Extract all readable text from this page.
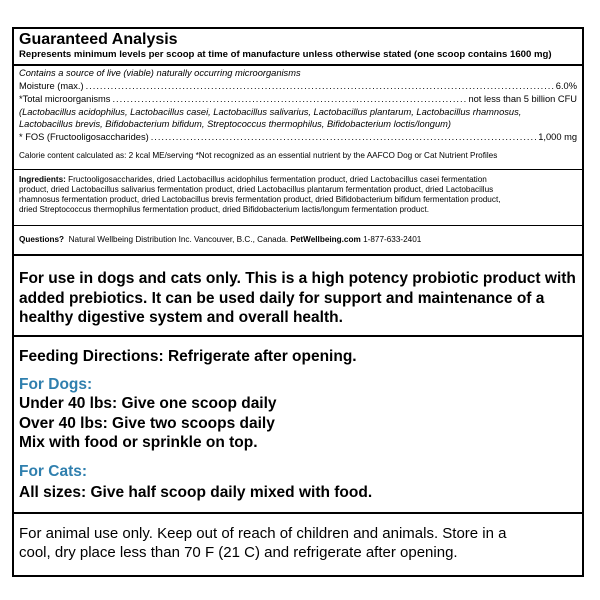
Guaranteed Analysis
Represents minimum levels per scoop at time of manufacture unless otherwise stated (one scoop contains 1600 mg)
Contains a source of live (viable) naturally occurring microorganisms
Moisture (max.) .....	6.0%
*Total microorganisms .....	not less than 5 billion CFU
(Lactobacillus acidophilus, Lactobacillus casei, Lactobacillus salivarius, Lactobacillus plantarum, Lactobacillus rhamnosus,
Lactobacillus brevis, Bifidobacterium bifidum, Streptococcus thermophilus, Bifidobacterium loctis/longum)
* FOS (Fructooligosaccharides) .....	1,000 mg
Calorie content calculated as: 2 kcal ME/serving *Not recognized as an essential nutrient by the AAFCO Dog or Cat Nutrient Profiles
Ingredients: Fructooligosaccharides, dried Lactobacillus acidophilus fermentation product, dried Lactobacillus casei fermentation
product, dried Lactobacillus salivarius fermentation product, dried Lactobacillus plantarum fermentation product, dried Lactobacillus
rhamnosus fermentation product, dried Lactobacillus brevis fermentation product, dried Bifidobacterium bifidum fermentation product,
dried Streptococcus thermophilus fermentation product, dried Bifidobacterium lactis/longum fermentation product.
Questions? Natural Wellbeing Distribution Inc. Vancouver, B.C., Canada. PetWellbeing.com 1-877-633-2401
For use in dogs and cats only. This is a high potency probiotic product with
added prebiotics. It can be used daily for support and maintenance of a
healthy digestive system and overall health.
Feeding Directions: Refrigerate after opening.
For Dogs:
Under 40 lbs: Give one scoop daily
Over 40 lbs: Give two scoops daily
Mix with food or sprinkle on top.
For Cats:
All sizes: Give half scoop daily mixed with food.
For animal use only. Keep out of reach of children and animals. Store in a
cool, dry place less than 70 F (21 C) and refrigerate after opening.
